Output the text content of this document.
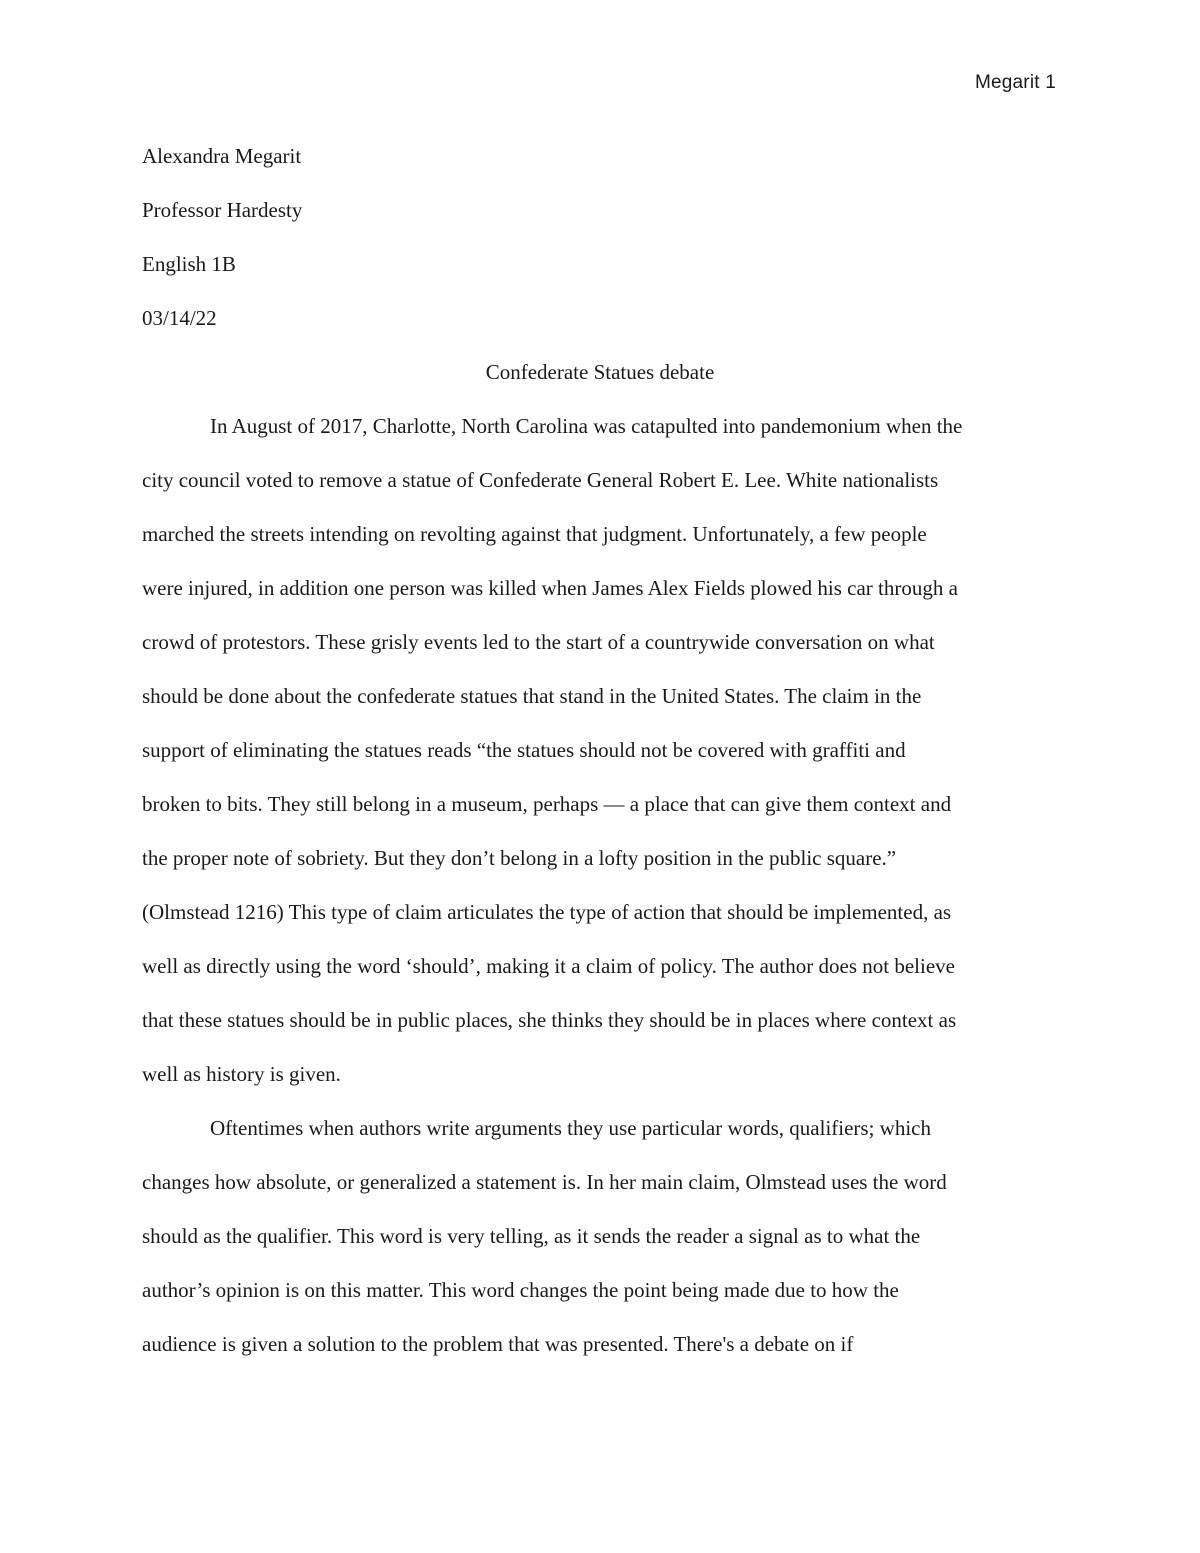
Megarit 1
Alexandra Megarit
Professor Hardesty
English 1B
03/14/22
Confederate Statues debate
In August of 2017, Charlotte, North Carolina was catapulted into pandemonium when the
city council voted to remove a statue of Confederate General Robert E. Lee. White nationalists
marched the streets intending on revolting against that judgment. Unfortunately, a few people
were injured, in addition one person was killed when James Alex Fields plowed his car through a
crowd of protestors. These grisly events led to the start of a countrywide conversation on what
should be done about the confederate statues that stand in the United States. The claim in the
support of eliminating the statues reads “the statues should not be covered with graffiti and
broken to bits. They still belong in a museum, perhaps — a place that can give them context and
the proper note of sobriety. But they don’t belong in a lofty position in the public square.”
(Olmstead 1216) This type of claim articulates the type of action that should be implemented, as
well as directly using the word ‘should’, making it a claim of policy. The author does not believe
that these statues should be in public places, she thinks they should be in places where context as
well as history is given.
Oftentimes when authors write arguments they use particular words, qualifiers; which
changes how absolute, or generalized a statement is. In her main claim, Olmstead uses the word
should as the qualifier. This word is very telling, as it sends the reader a signal as to what the
author’s opinion is on this matter. This word changes the point being made due to how the
audience is given a solution to the problem that was presented. There's a debate on if
